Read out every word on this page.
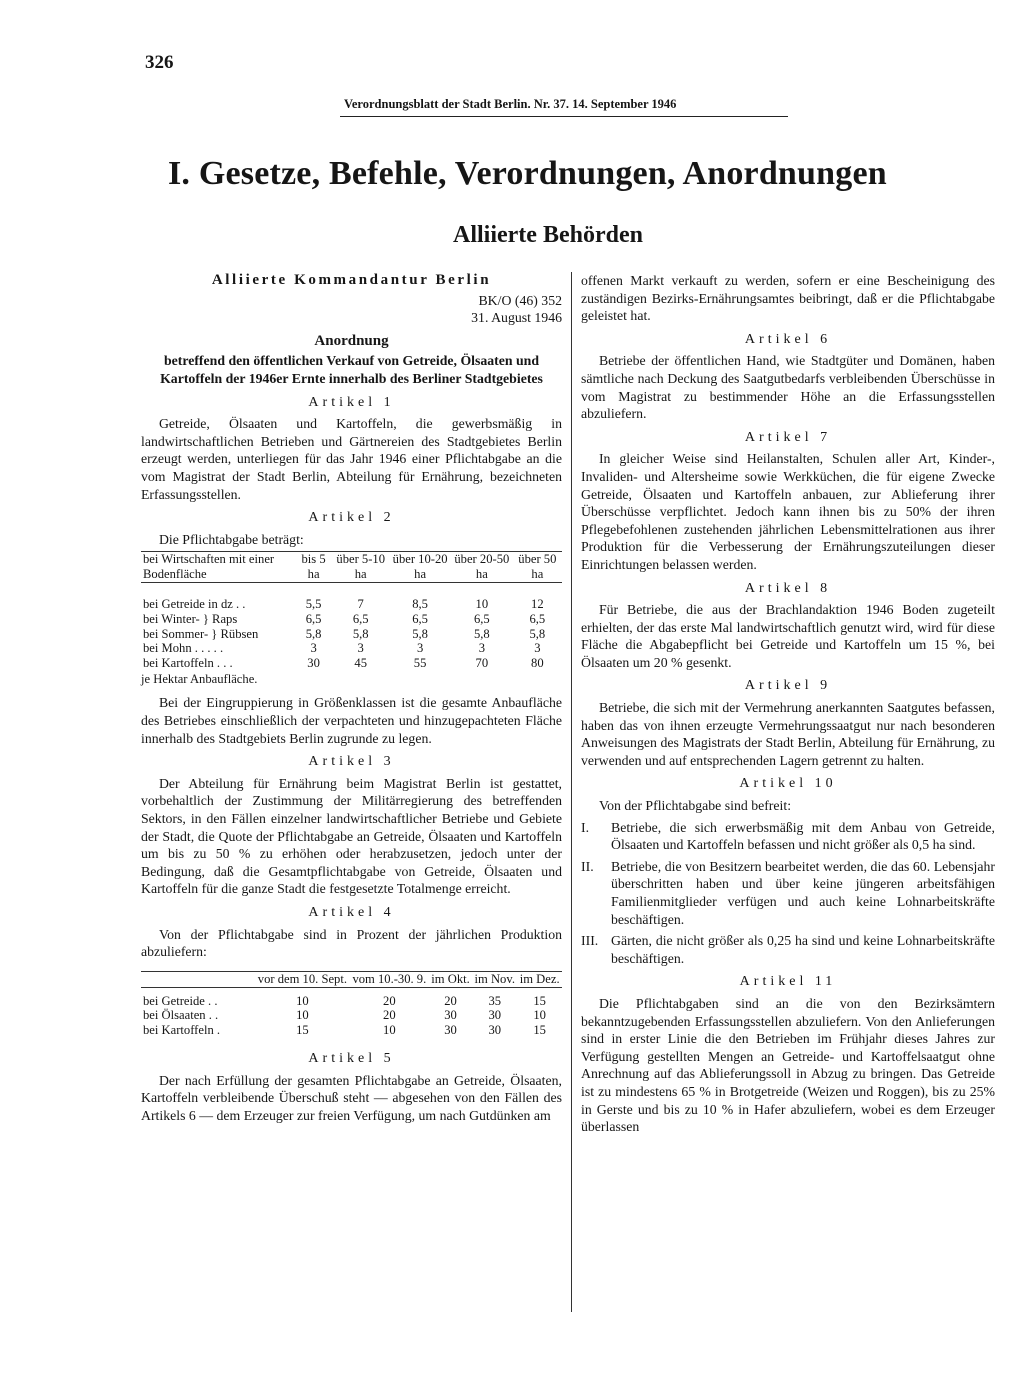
326
Verordnungsblatt der Stadt Berlin. Nr. 37. 14. September 1946
I. Gesetze, Befehle, Verordnungen, Anordnungen
Alliierte Behörden

Alliierte Kommandantur Berlin

BK/O (46) 352

31. August 1946

Anordnung

betreffend den öffentlichen Verkauf von Getreide, Ölsaaten und Kartoffeln der 1946er Ernte innerhalb des Berliner Stadtgebietes

Artikel 1

Getreide, Ölsaaten und Kartoffeln, die gewerbsmäßig in landwirtschaftlichen Betrieben und Gärtnereien des Stadtgebietes Berlin erzeugt werden, unterliegen für das Jahr 1946 einer Pflichtabgabe an die vom Magistrat der Stadt Berlin, Abteilung für Ernährung, bezeichneten Erfassungsstellen.

Artikel 2

Die Pflichtabgabe beträgt:

bei Wirtschaften mit einer Bodenfläche	bis 5 ha	über 5-10 ha	über 10-20 ha	über 20-50 ha	über 50 ha

bei Getreide in dz . .	5,5	7	8,5	10	12
bei Winter- } Raps	6,5	6,5	6,5	6,5	6,5
bei Sommer- } Rübsen	5,8	5,8	5,8	5,8	5,8
bei Mohn . . . . .	3	3	3	3	3
bei Kartoffeln . . .	30	45	55	70	80

je Hektar Anbaufläche.

Bei der Eingruppierung in Größenklassen ist die gesamte Anbaufläche des Betriebes einschließlich der verpachteten und hinzugepachteten Fläche innerhalb des Stadtgebiets Berlin zugrunde zu legen.

Artikel 3

Der Abteilung für Ernährung beim Magistrat Berlin ist gestattet, vorbehaltlich der Zustimmung der Militärregierung des betreffenden Sektors, in den Fällen einzelner landwirtschaftlicher Betriebe und Gebiete der Stadt, die Quote der Pflichtabgabe an Getreide, Ölsaaten und Kartoffeln um bis zu 50 % zu erhöhen oder herabzusetzen, jedoch unter der Bedingung, daß die Gesamtpflichtabgabe von Getreide, Ölsaaten und Kartoffeln für die ganze Stadt die festgesetzte Totalmenge erreicht.

Artikel 4

Von der Pflichtabgabe sind in Prozent der jährlichen Produktion abzuliefern:

	vor dem 10. Sept.	vom 10.-30. 9.	im Okt.	im Nov.	im Dez.

bei Getreide . .	10	20	20	35	15
bei Ölsaaten . .	10	20	30	30	10
bei Kartoffeln .	15	10	30	30	15
Artikel 5

Der nach Erfüllung der gesamten Pflichtabgabe an Getreide, Ölsaaten, Kartoffeln verbleibende Überschuß steht — abgesehen von den Fällen des Artikels 6 — dem Erzeuger zur freien Verfügung, um nach Gutdünken am

offenen Markt verkauft zu werden, sofern er eine Bescheinigung des zuständigen Bezirks-Ernährungsamtes beibringt, daß er die Pflichtabgabe geleistet hat.

Artikel 6

Betriebe der öffentlichen Hand, wie Stadtgüter und Domänen, haben sämtliche nach Deckung des Saatgutbedarfs verbleibenden Überschüsse in vom Magistrat zu bestimmender Höhe an die Erfassungsstellen abzuliefern.

Artikel 7

In gleicher Weise sind Heilanstalten, Schulen aller Art, Kinder-, Invaliden- und Altersheime sowie Werkküchen, die für eigene Zwecke Getreide, Ölsaaten und Kartoffeln anbauen, zur Ablieferung ihrer Überschüsse verpflichtet. Jedoch kann ihnen bis zu 50% der ihren Pflegebefohlenen zustehenden jährlichen Lebensmittelrationen aus ihrer Produktion für die Verbesserung der Ernährungszuteilungen dieser Einrichtungen belassen werden.

Artikel 8

Für Betriebe, die aus der Brachlandaktion 1946 Boden zugeteilt erhielten, der das erste Mal landwirtschaftlich genutzt wird, wird für diese Fläche die Abgabepflicht bei Getreide und Kartoffeln um 15 %, bei Ölsaaten um 20 % gesenkt.

Artikel 9

Betriebe, die sich mit der Vermehrung anerkannten Saatgutes befassen, haben das von ihnen erzeugte Vermehrungssaatgut nur nach besonderen Anweisungen des Magistrats der Stadt Berlin, Abteilung für Ernährung, zu verwenden und auf entsprechenden Lagern getrennt zu halten.

Artikel 10

Von der Pflichtabgabe sind befreit:

I.	Betriebe, die sich erwerbsmäßig mit dem Anbau von Getreide, Ölsaaten und Kartoffeln befassen und nicht größer als 0,5 ha sind.
II.	Betriebe, die von Besitzern bearbeitet werden, die das 60. Lebensjahr überschritten haben und über keine jüngeren arbeitsfähigen Familienmitglieder verfügen und auch keine Lohnarbeitskräfte beschäftigen.
III. Gärten, die nicht größer als 0,25 ha sind und keine Lohnarbeitskräfte beschäftigen.
Artikel 11

Die Pflichtabgaben sind an die von den Bezirksämtern bekanntzugebenden Erfassungsstellen abzuliefern. Von den Anlieferungen sind in erster Linie die den Betrieben im Frühjahr dieses Jahres zur Verfügung gestellten Mengen an Getreide- und Kartoffelsaatgut ohne Anrechnung auf das Ablieferungssoll in Abzug zu bringen. Das Getreide ist zu mindestens 65 % in Brotgetreide (Weizen und Roggen), bis zu 25% in Gerste und bis zu 10 % in Hafer abzuliefern, wobei es dem Erzeuger überlassen
